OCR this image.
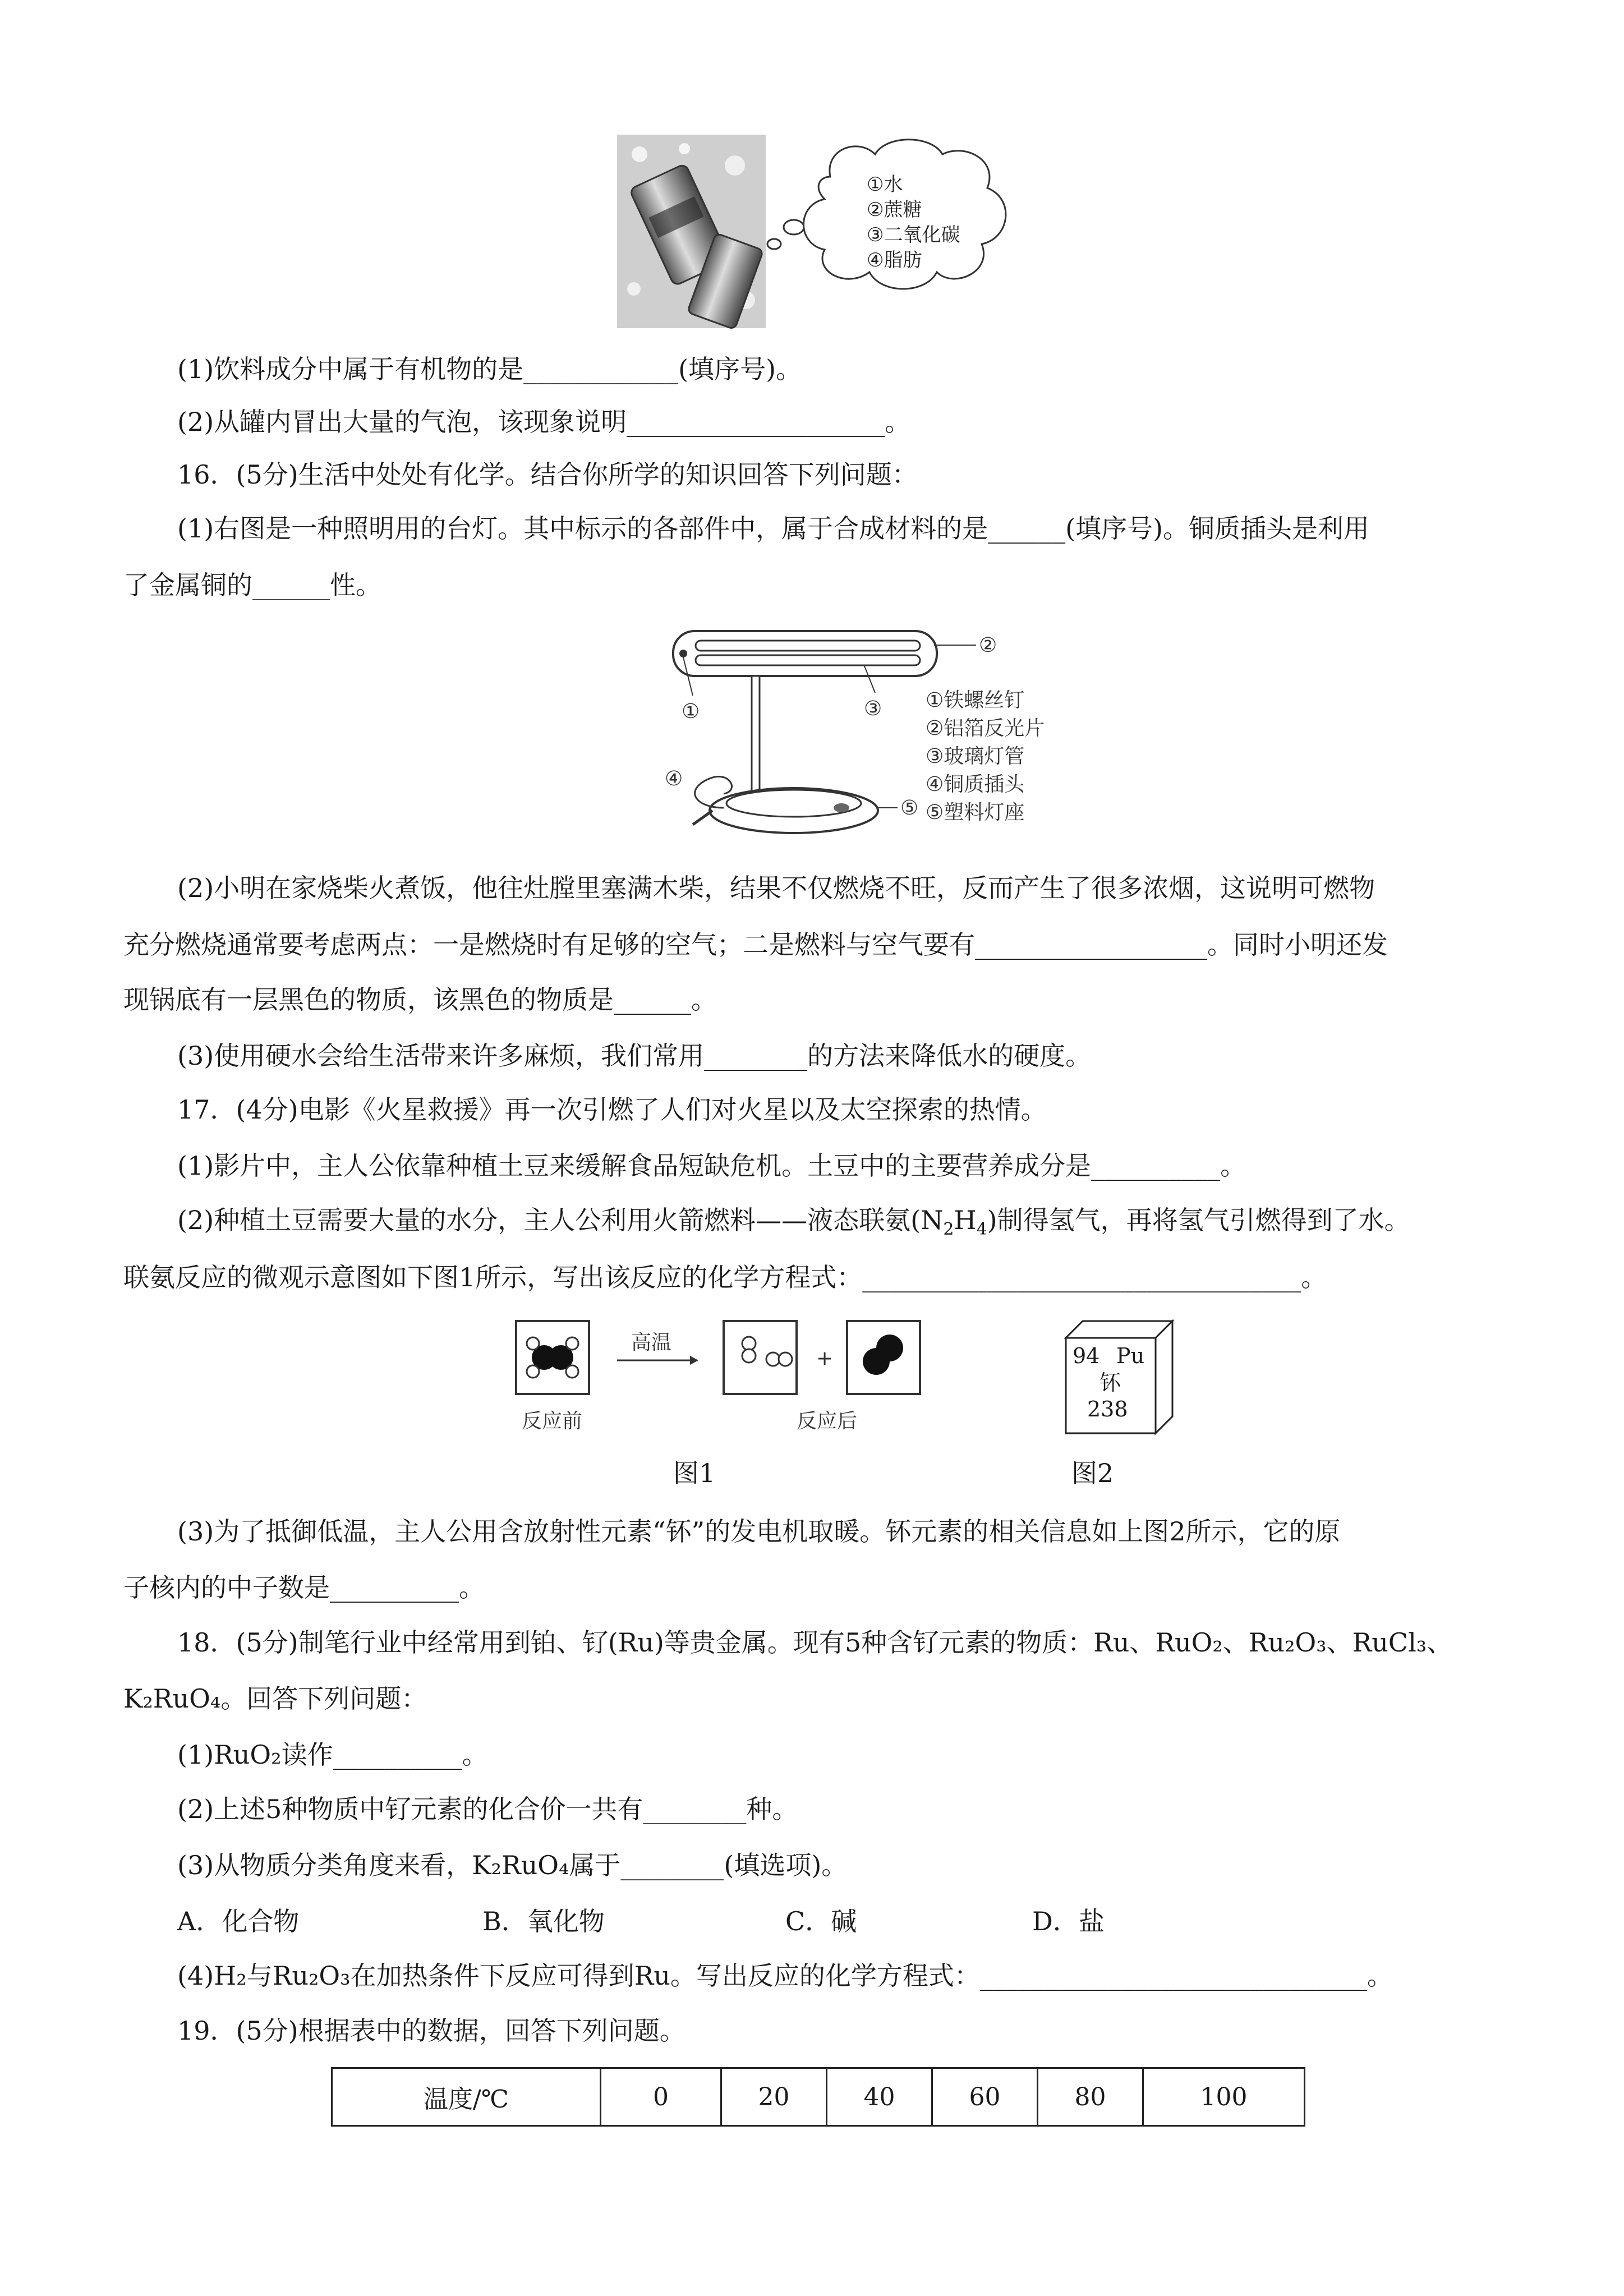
①水
②蔗糖
③二氧化碳
④脂肪
(1)饮料成分中属于有机物的是____________(填序号)。
(2)从罐内冒出大量的气泡，该现象说明____________________。
16．(5分)生活中处处有化学。结合你所学的知识回答下列问题：
(1)右图是一种照明用的台灯。其中标示的各部件中，属于合成材料的是______(填序号)。铜质插头是利用
了金属铜的______性。
②
①	③
④
⑤
①铁螺丝钉
②铝箔反光片
③玻璃灯管
④铜质插头
⑤塑料灯座
(2)小明在家烧柴火煮饭，他往灶膛里塞满木柴，结果不仅燃烧不旺，反而产生了很多浓烟，这说明可燃物
充分燃烧通常要考虑两点：一是燃烧时有足够的空气；二是燃料与空气要有__________________。同时小明还发
现锅底有一层黑色的物质，该黑色的物质是______。
(3)使用硬水会给生活带来许多麻烦，我们常用________的方法来降低水的硬度。
17．(4分)电影《火星救援》再一次引燃了人们对火星以及太空探索的热情。
(1)影片中，主人公依靠种植土豆来缓解食品短缺危机。土豆中的主要营养成分是__________。
(2)种植土豆需要大量的水分，主人公利用火箭燃料——液态联氨$(N_2H_4)$制得氢气，再将氢气引燃得到了水。
联氨反应的微观示意图如下图1所示，写出该反应的化学方程式：__________________________________。
高温
+
反应前	反应后
94 Pu
钚
238
图1	图2
(3)为了抵御低温，主人公用含放射性元素“钚”的发电机取暖。钚元素的相关信息如上图2所示，它的原
子核内的中子数是__________。
18．(5分)制笔行业中经常用到铂、钌(Ru)等贵金属。现有5种含钌元素的物质：Ru、RuO₂、Ru₂O₃、RuCl₃、
K₂RuO₄。回答下列问题：
(1)RuO₂读作__________。
(2)上述5种物质中钌元素的化合价一共有________种。
(3)从物质分类角度来看，K₂RuO₄属于________(填选项)。
A．化合物	B．氧化物	C．碱	D．盐
(4)H₂与Ru₂O₃在加热条件下反应可得到Ru。写出反应的化学方程式：______________________________。
19．(5分)根据表中的数据，回答下列问题。
温度/℃	0	20	40	60	80	100
